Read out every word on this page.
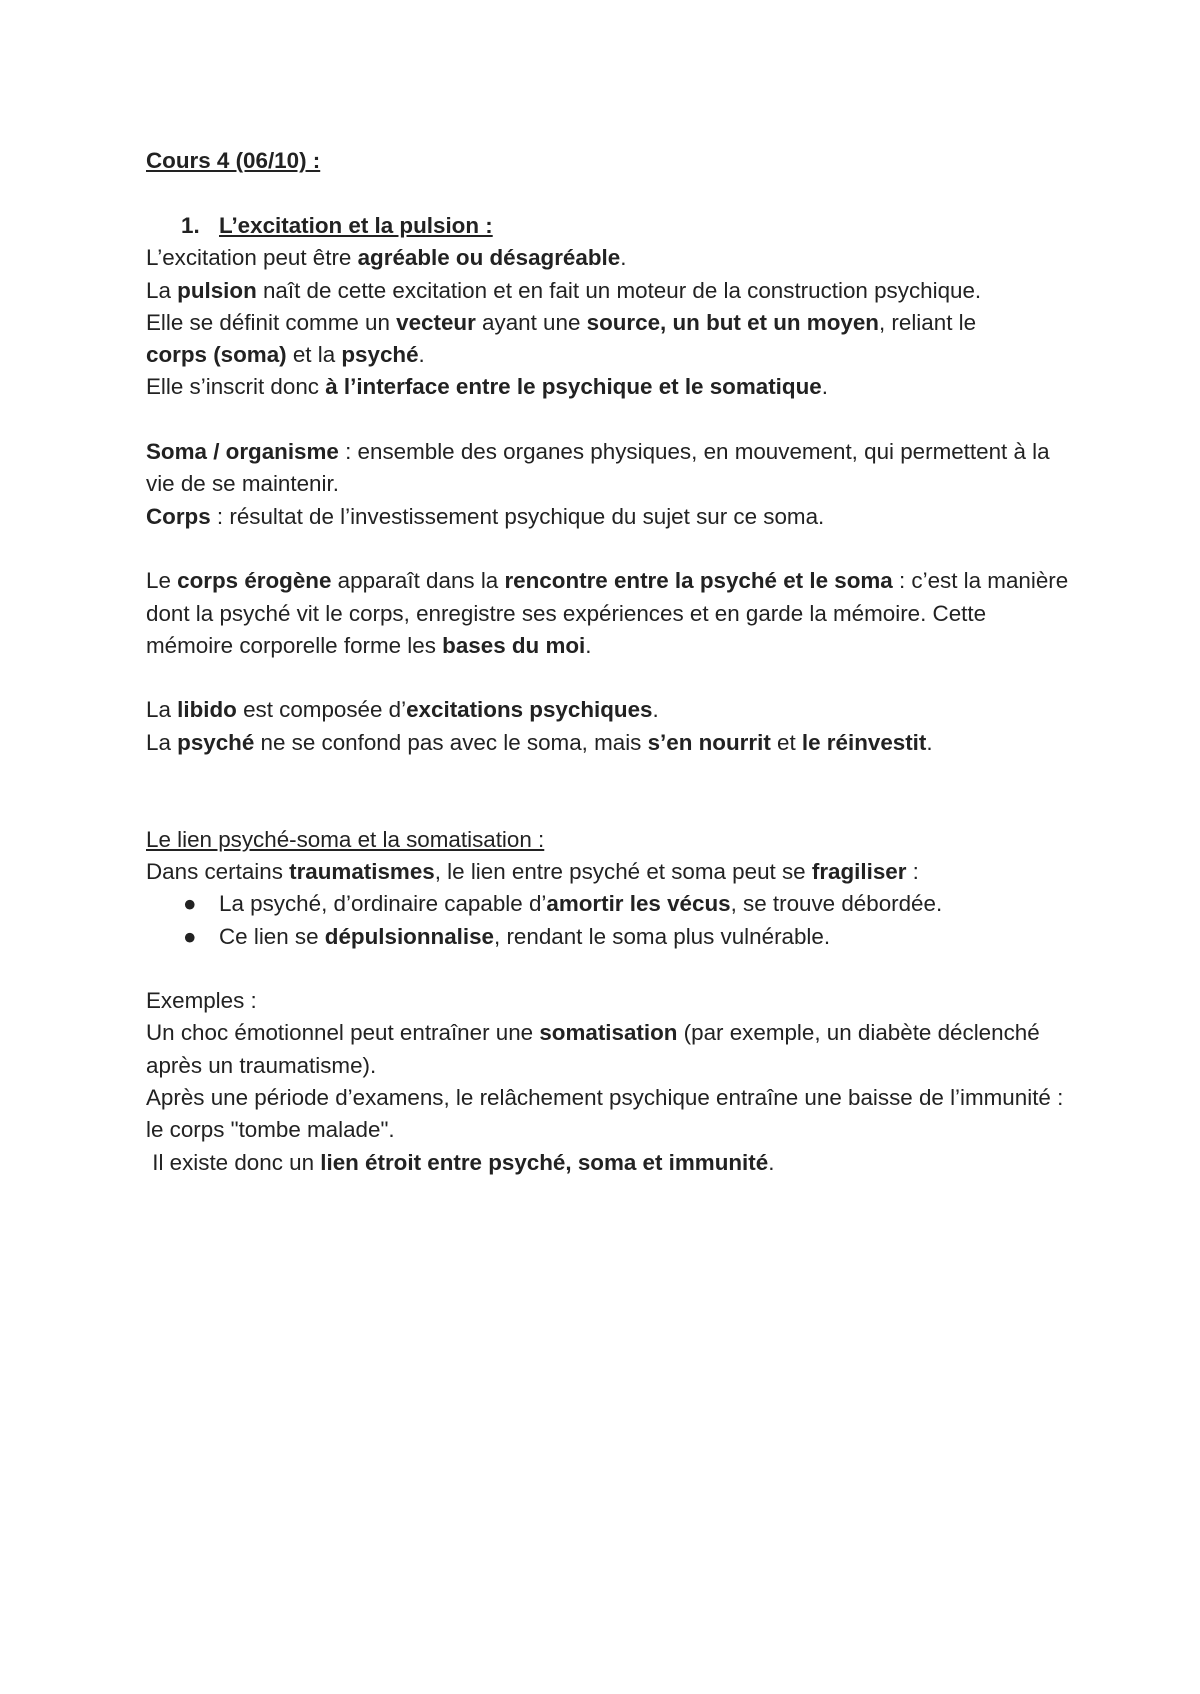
Cours 4 (06/10) :

1. L’excitation et la pulsion :

L’excitation peut être agréable ou désagréable.

La pulsion naît de cette excitation et en fait un moteur de la construction psychique.

Elle se définit comme un vecteur ayant une source, un but et un moyen, reliant le
corps (soma) et la psyché.

Elle s’inscrit donc à l’interface entre le psychique et le somatique.

Soma / organisme : ensemble des organes physiques, en mouvement, qui permettent à la vie de se maintenir.

Corps : résultat de l’investissement psychique du sujet sur ce soma.

Le corps érogène apparaît dans la rencontre entre la psyché et le soma : c’est la manière dont la psyché vit le corps, enregistre ses expériences et en garde la mémoire. Cette mémoire corporelle forme les bases du moi.

La libido est composée d’excitations psychiques.

La psyché ne se confond pas avec le soma, mais s’en nourrit et le réinvestit.

Le lien psyché-soma et la somatisation :

Dans certains traumatismes, le lien entre psyché et soma peut se fragiliser :

●	La psyché, d’ordinaire capable d’amortir les vécus, se trouve débordée.
●	Ce lien se dépulsionnalise, rendant le soma plus vulnérable.

Exemples :

Un choc émotionnel peut entraîner une somatisation (par exemple, un diabète déclenché après un traumatisme).

Après une période d’examens, le relâchement psychique entraîne une baisse de l’immunité : le corps "tombe malade".

Il existe donc un lien étroit entre psyché, soma et immunité.
